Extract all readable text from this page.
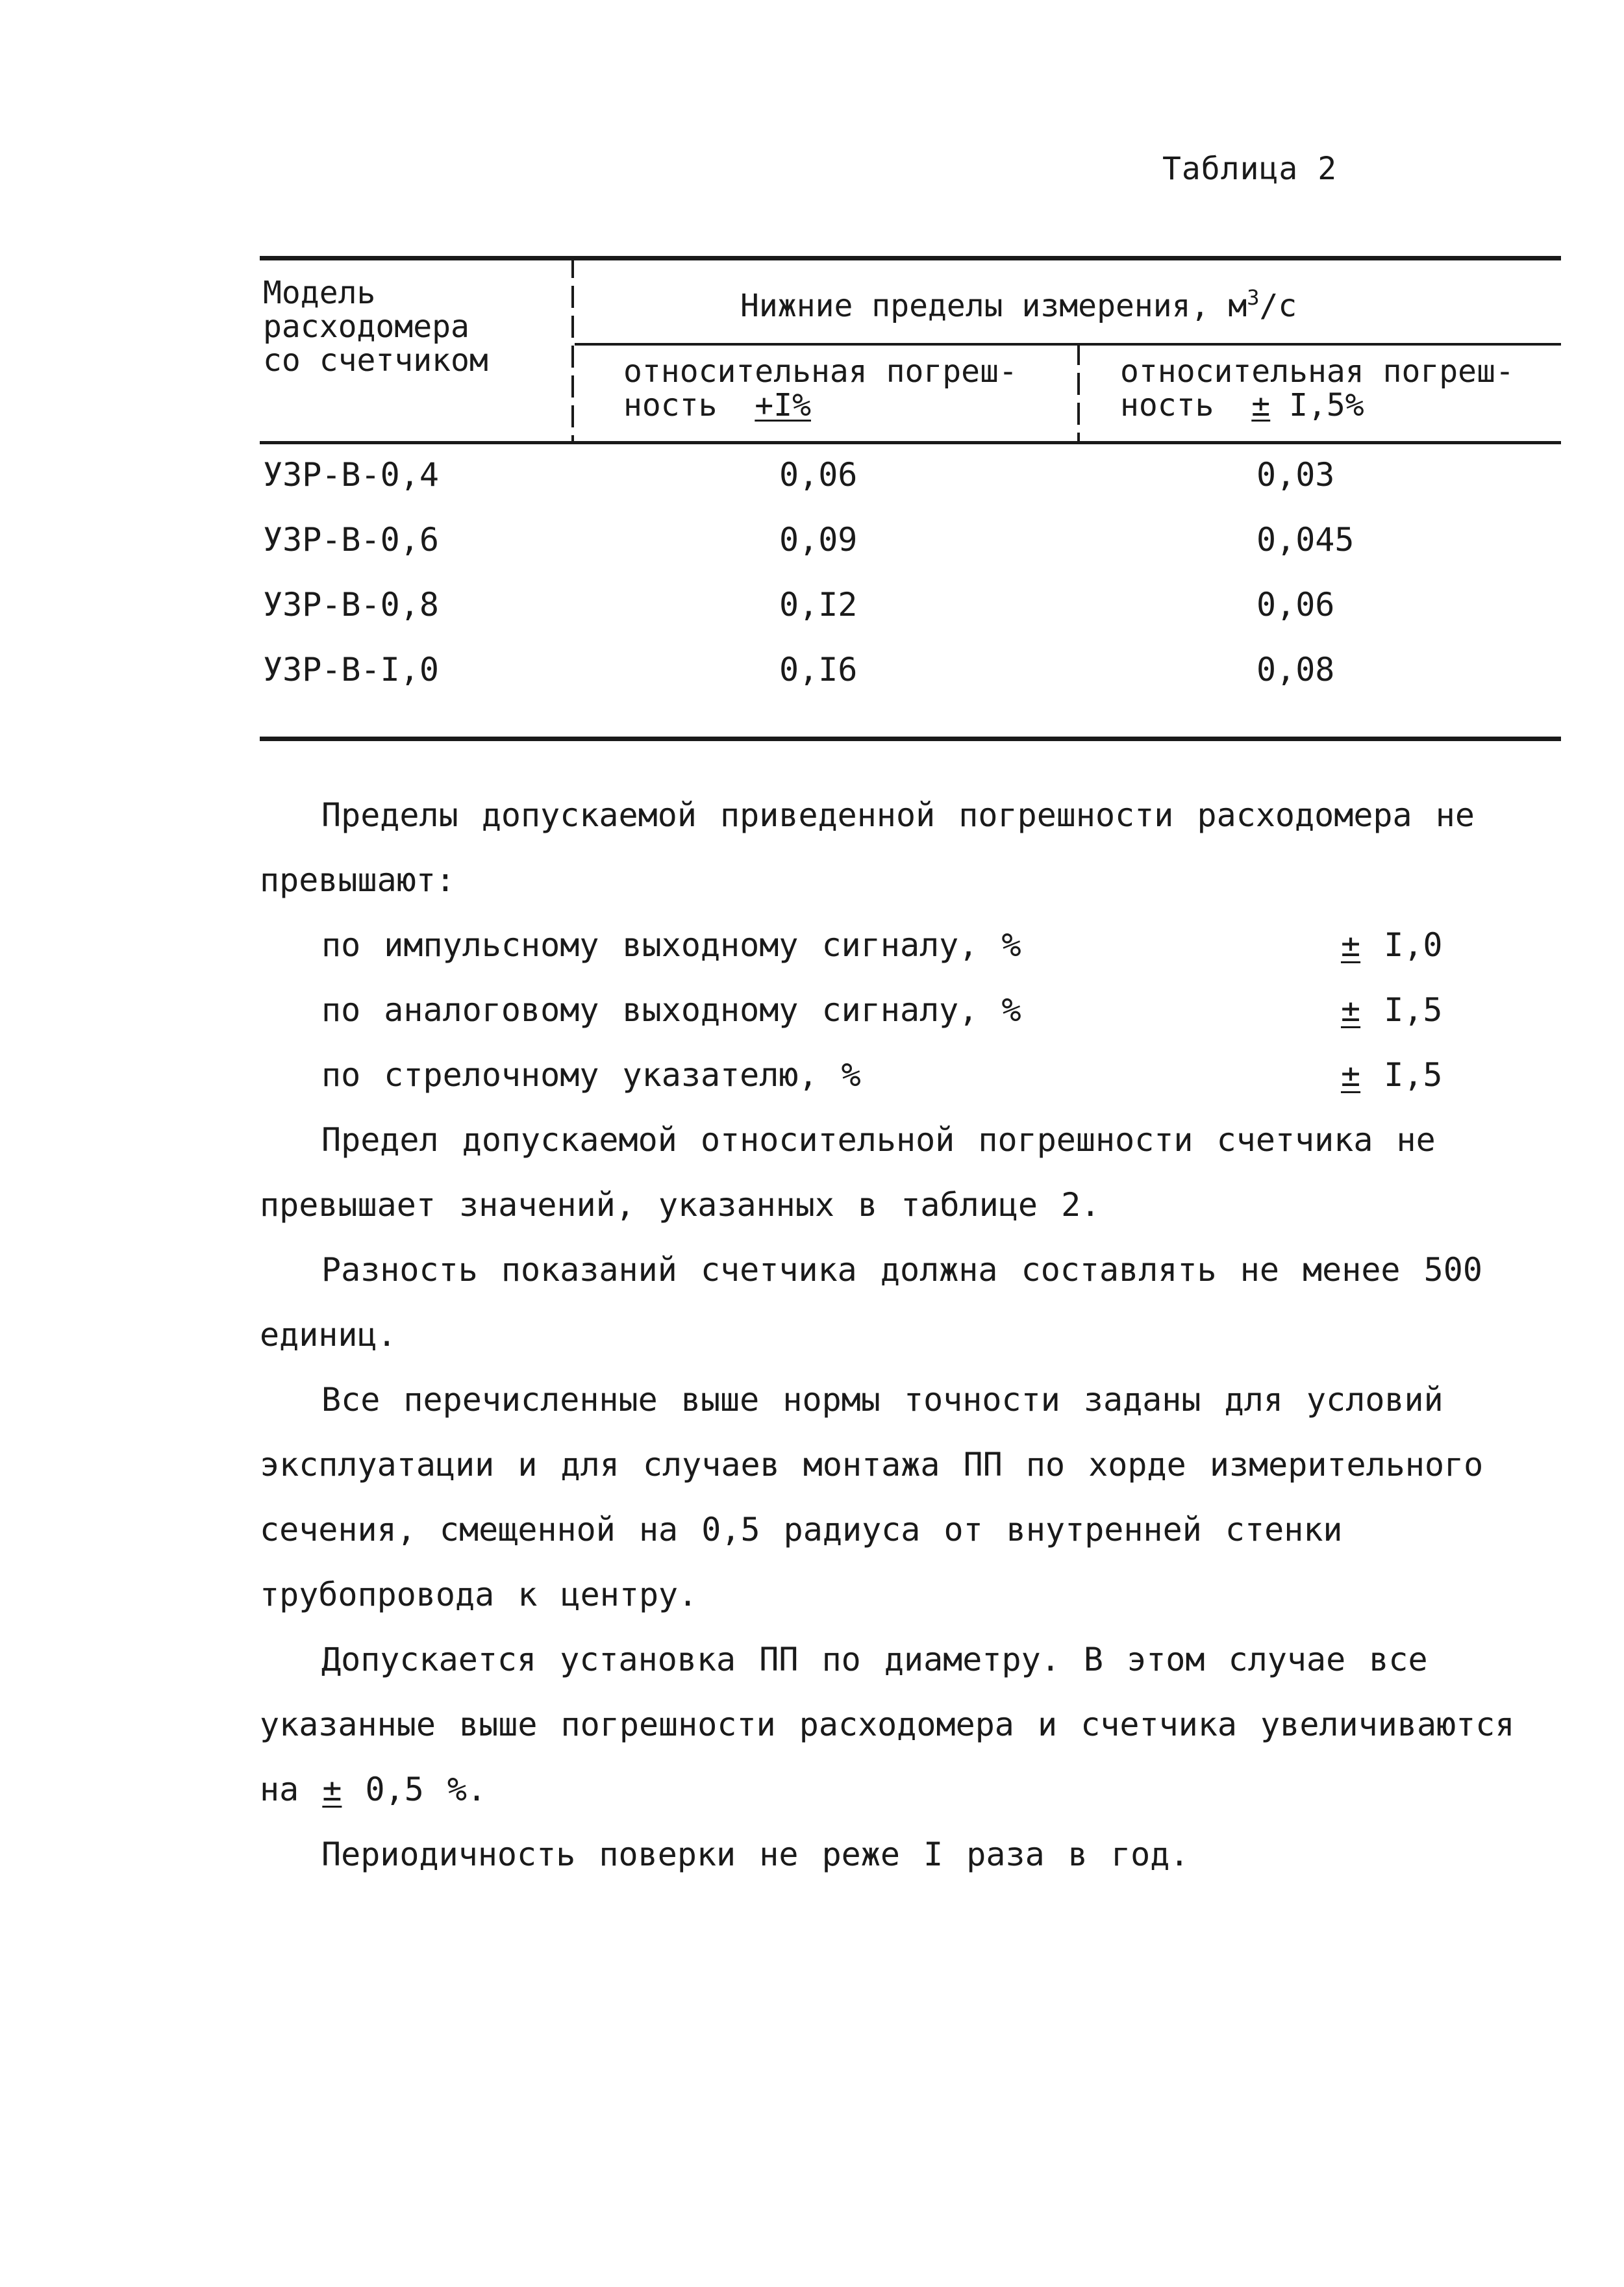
Таблица 2
Модель
расходомера
со счетчиком
Нижние пределы измерения, $м^3/с$
относительная погреш-
ность  +I%
относительная погреш-
ность  ± I,5%
УЗР-В-0,4	0,06	0,03
УЗР-В-0,6	0,09	0,045
УЗР-В-0,8	0,I2	0,06
УЗР-В-I,0	0,I6	0,08

Пределы допускаемой приведенной погрешности расходомера не превышают:

по импульсному выходному сигналу, %	± I,0
по аналоговому выходному сигналу, %	± I,5
по стрелочному указателю, %	± I,5

Предел допускаемой относительной погрешности счетчика не превышает значений, указанных в таблице 2.

Разность показаний счетчика должна составлять не менее 500 единиц.

Все перечисленные выше нормы точности заданы для условий эксплуатации и для случаев монтажа ПП по хорде измерительного сечения, смещенной на 0,5 радиуса от внутренней стенки трубопровода к центру.

Допускается установка ПП по диаметру. В этом случае все указанные выше погрешности расходомера и счетчика увеличиваются на ± 0,5 %.

Периодичность поверки не реже I раза в год.
